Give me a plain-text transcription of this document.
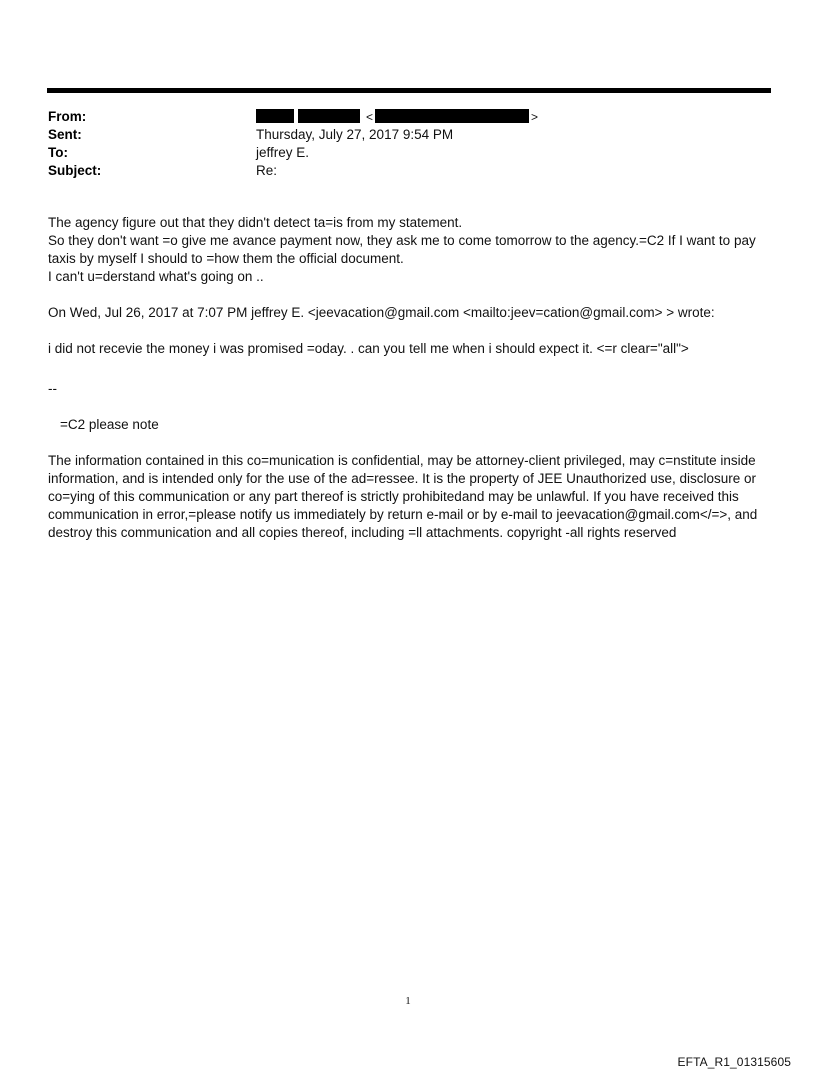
From:	<	>
Sent:	Thursday, July 27, 2017 9:54 PM
To:	jeffrey E.
Subject:	Re:

The agency figure out that they didn't detect ta=is from my statement.

So they don't want =o give me avance payment now, they ask me to come tomorrow to the agency.=C2 If I want to pay taxis by myself I should to =how them the official document.

I can't u=derstand what's going on ..

On Wed, Jul 26, 2017 at 7:07 PM jeffrey E. <jeevacation@gmail.com <mailto:jeev=cation@gmail.com> > wrote:

i did not recevie the money i was promised =oday. . can you tell me when i should expect it. <=r clear="all">

--

=C2 please note

The information contained in this co=munication is confidential, may be attorney-client privileged, may c=nstitute inside information, and is intended only for the use of the ad=ressee. It is the property of JEE Unauthorized use, disclosure or co=ying of this communication or any part thereof is strictly prohibitedand may be unlawful. If you have received this communication in error,=please notify us immediately by return e-mail or by e-mail to jeevacation@gmail.com</=>, and destroy this communication and all copies thereof, including =ll attachments. copyright -all rights reserved

1
EFTA_R1_01315605
